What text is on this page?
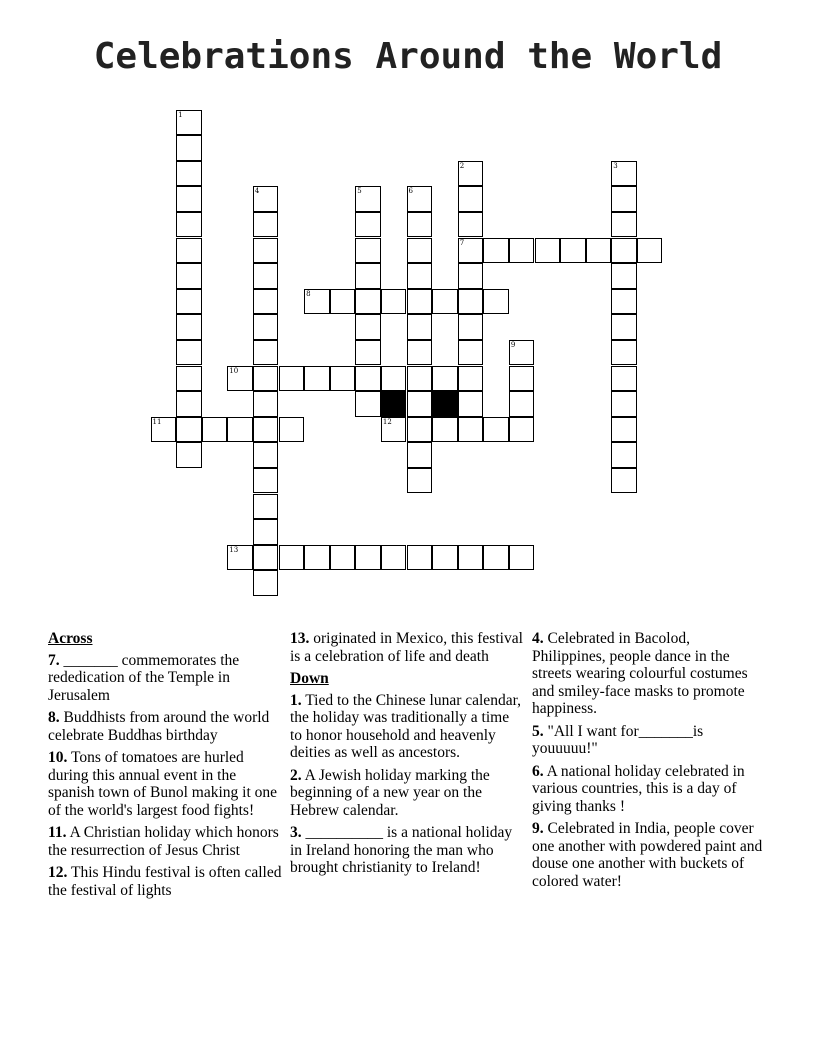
Celebrations Around the World
1
2
7
3
4	5	6
9
8
10
11	12
13
Across
7. _______ commemorates the rededication of the Temple in Jerusalem
8. Buddhists from around the world celebrate Buddhas birthday
10. Tons of tomatoes are hurled during this annual event in the spanish town of Bunol making it one of the world's largest food fights!
11. A Christian holiday which honors the resurrection of Jesus Christ
12. This Hindu festival is often called the festival of lights
13. originated in Mexico, this festival is a celebration of life and death
Down
1. Tied to the Chinese lunar calendar, the holiday was traditionally a time to honor household and heavenly deities as well as ancestors.
2. A Jewish holiday marking the beginning of a new year on the Hebrew calendar.
3. __________ is a national holiday in Ireland honoring the man who brought christianity to Ireland!
4. Celebrated in Bacolod, Philippines, people dance in the streets wearing colourful costumes and smiley-face masks to promote happiness.
5. "All I want for_______is youuuuu!"
6. A national holiday celebrated in various countries, this is a day of giving thanks !
9. Celebrated in India, people cover one another with powdered paint and douse one another with buckets of colored water!
